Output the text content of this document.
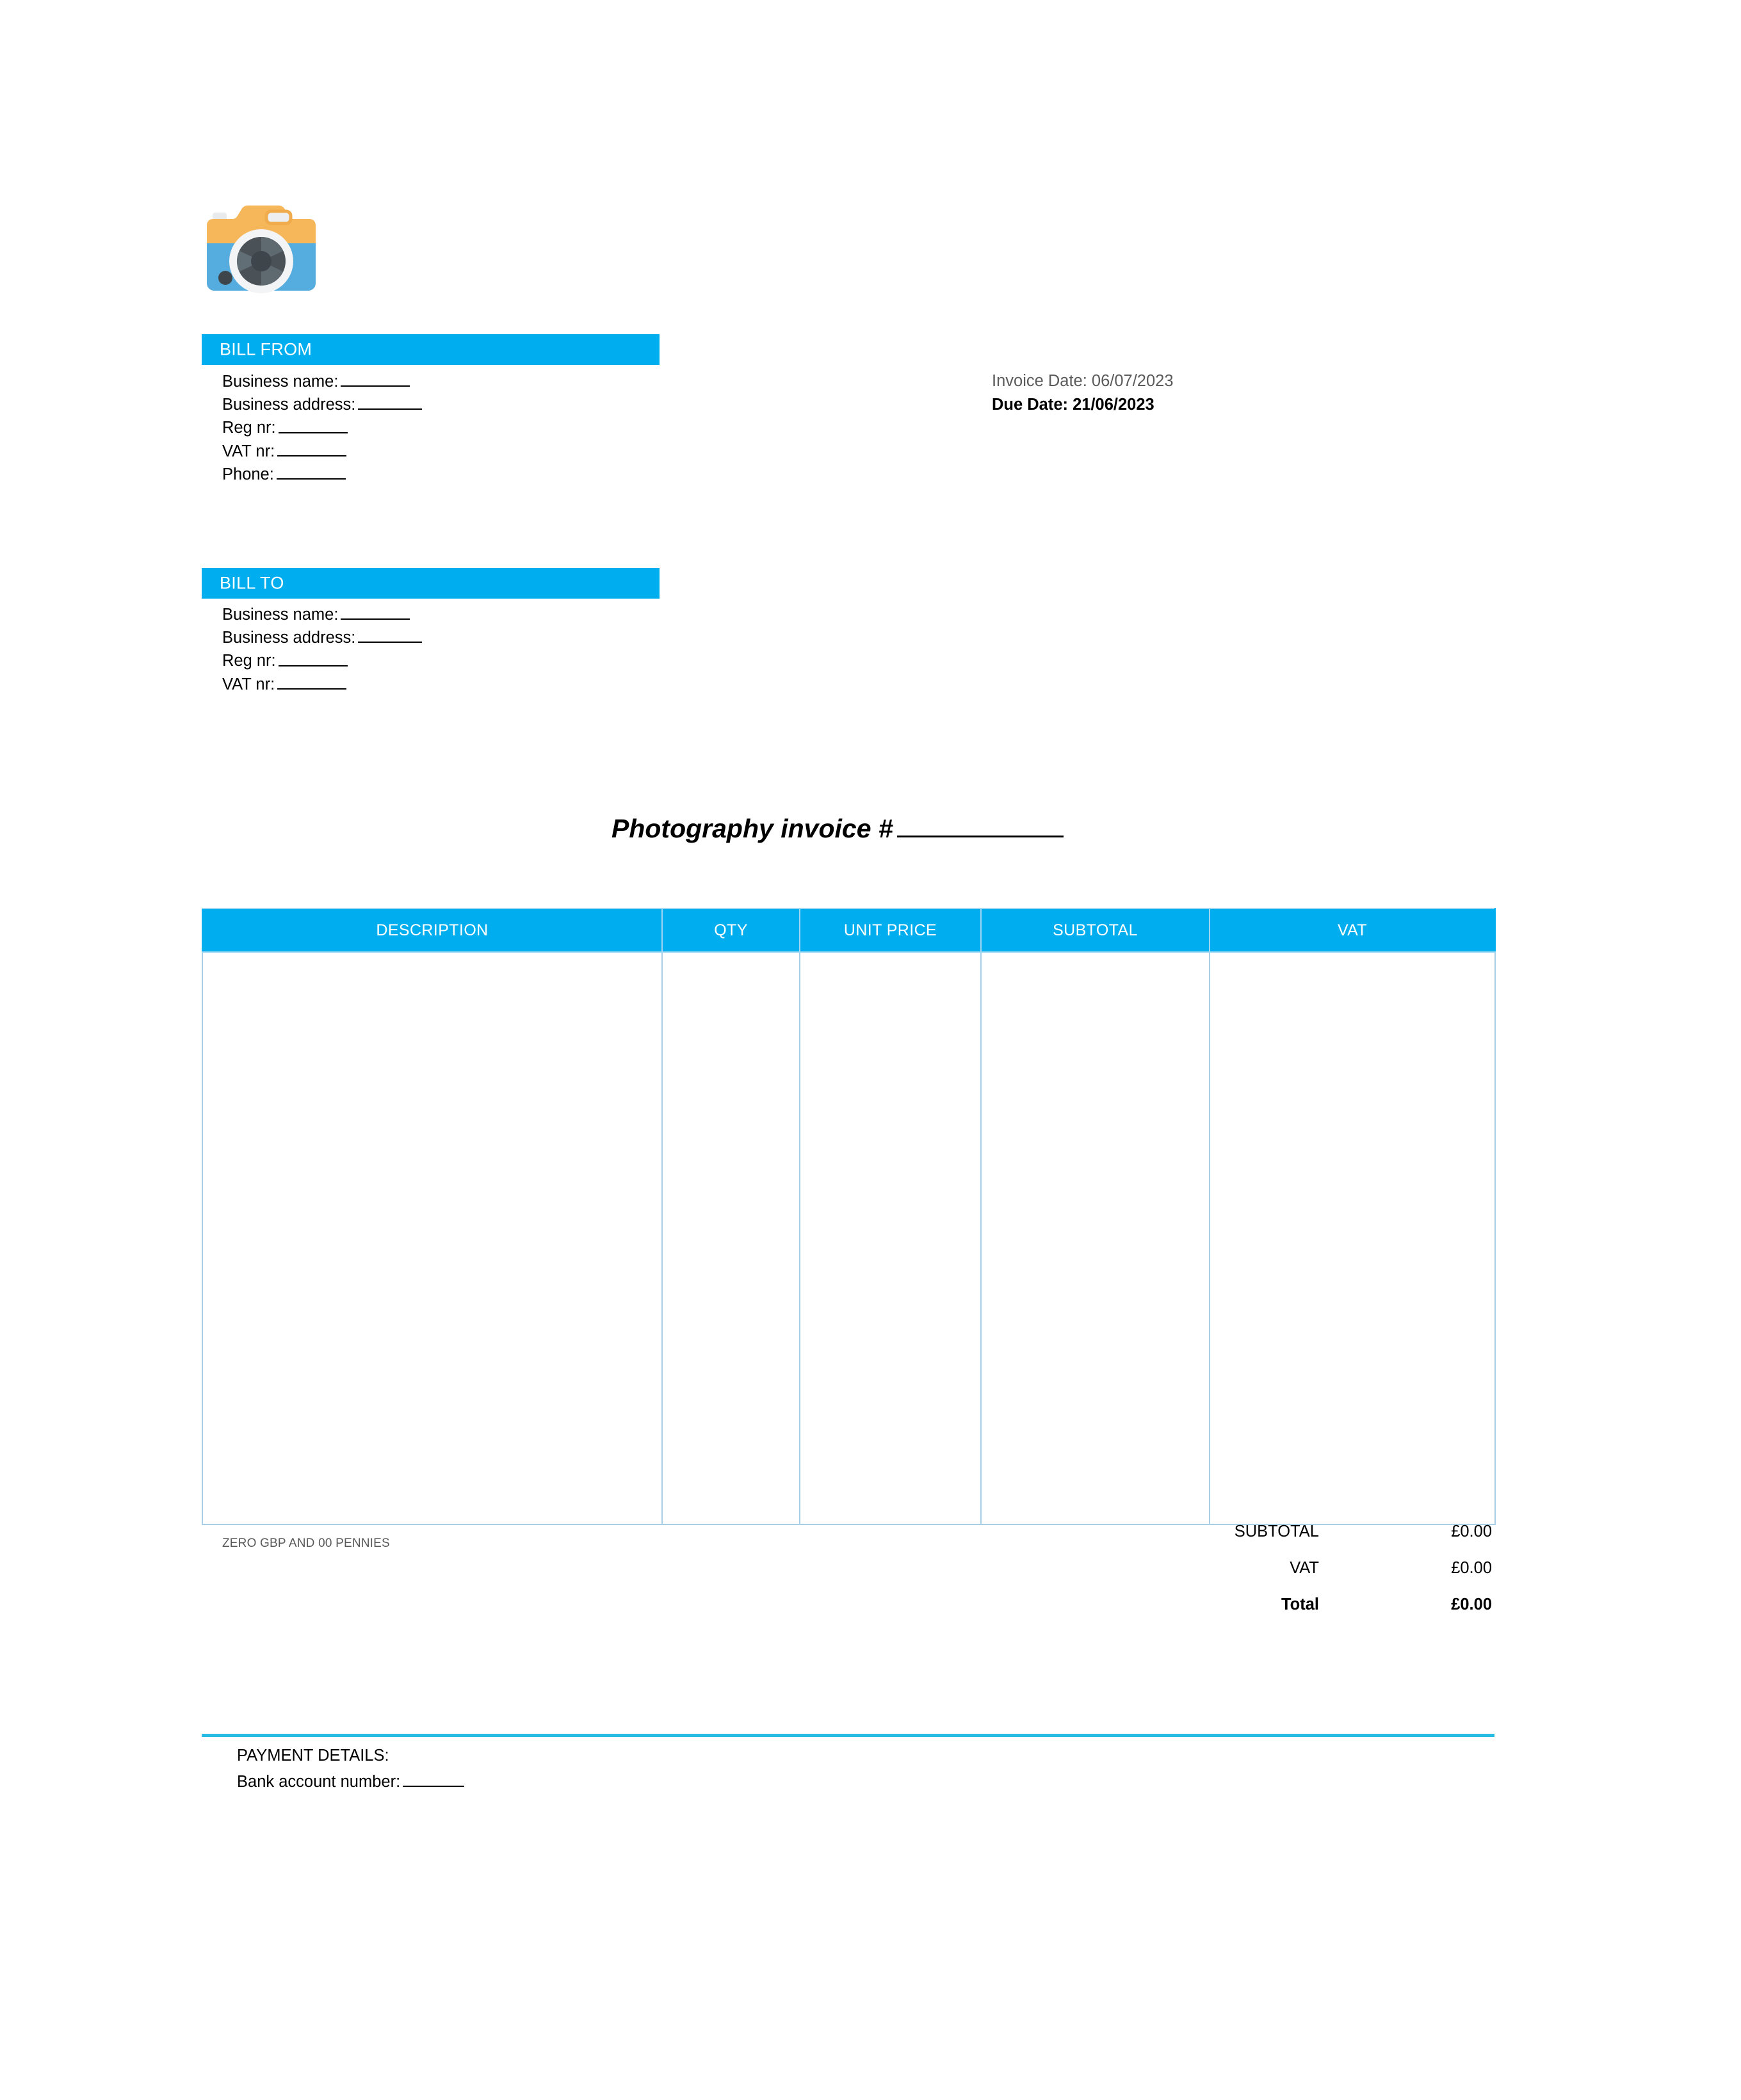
BILL FROM
Business name:
Business address:
Reg nr:
VAT nr:
Phone:
Invoice Date: 06/07/2023
Due Date: 21/06/2023
BILL TO
Business name:
Business address:
Reg nr:
VAT nr:
Photography invoice #
DESCRIPTION	QTY	UNIT PRICE	SUBTOTAL	VAT

ZERO GBP AND 00 PENNIES
SUBTOTAL	£0.00
VAT	£0.00
Total	£0.00
PAYMENT DETAILS:
Bank account number:
